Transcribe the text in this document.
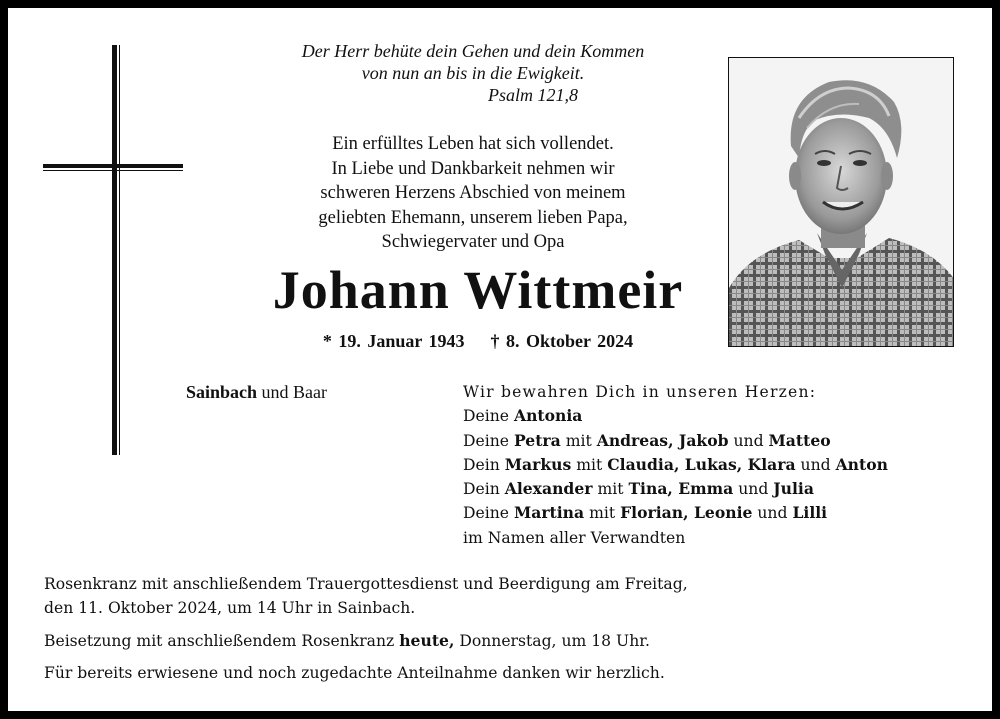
Der Herr behüte dein Gehen und dein Kommen
von nun an bis in die Ewigkeit.

Psalm 121,8
Ein erfülltes Leben hat sich vollendet.
In Liebe und Dankbarkeit nehmen wir
schweren Herzens Abschied von meinem
geliebten Ehemann, unserem lieben Papa,
Schwiegervater und Opa
Johann Wittmeir
* 19. Januar 1943 † 8. Oktober 2024
Sainbach und Baar	Wir bewahren Dich in unseren Herzen:
Deine Antonia
Deine Petra mit Andreas, Jakob und Matteo
Dein Markus mit Claudia, Lukas, Klara und Anton
Dein Alexander mit Tina, Emma und Julia
Deine Martina mit Florian, Leonie und Lilli
im Namen aller Verwandten
Rosenkranz mit anschließendem Trauergottesdienst und Beerdigung am Freitag,
den 11. Oktober 2024, um 14 Uhr in Sainbach.
Beisetzung mit anschließendem Rosenkranz heute, Donnerstag, um 18 Uhr.
Für bereits erwiesene und noch zugedachte Anteilnahme danken wir herzlich.
